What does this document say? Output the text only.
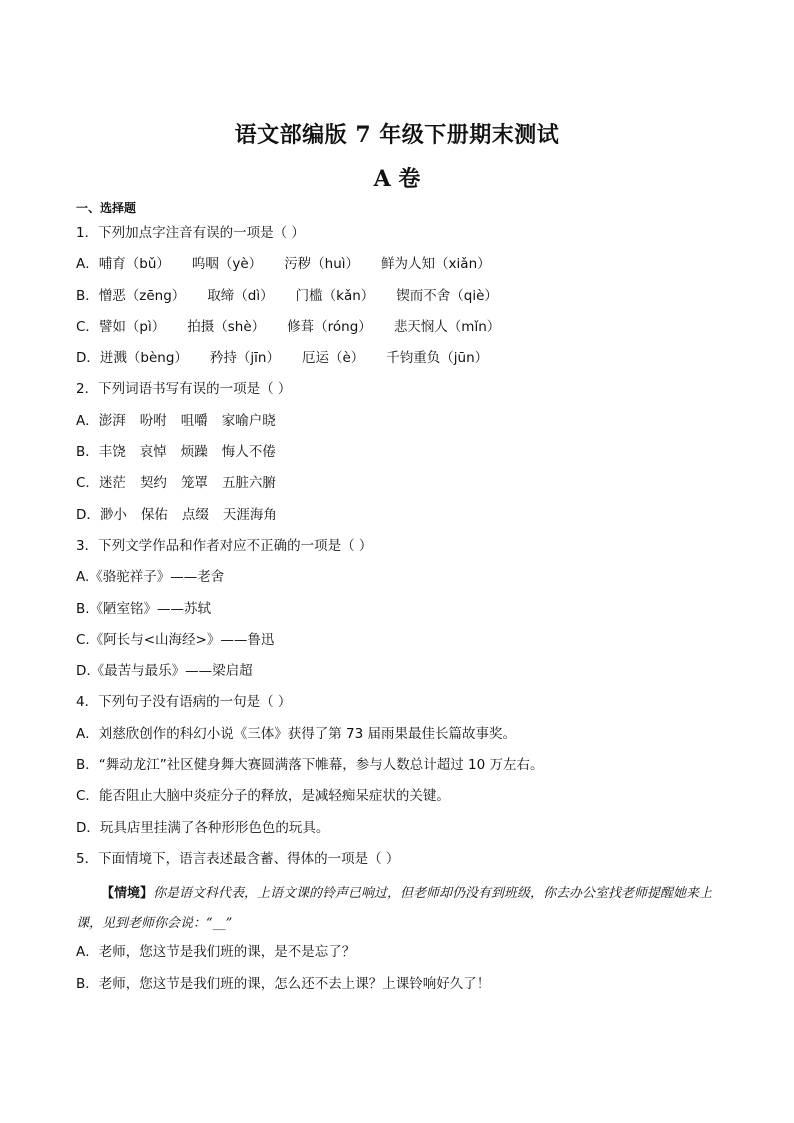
语文部编版 7 年级下册期末测试
A 卷
一、选择题
1．下列加点字注音有误的一项是（ ）
A．哺育（bǔ） 呜咽（yè） 污秽（huì） 鲜为人知（xiǎn）
B．憎恶（zēng） 取缔（dì） 门槛（kǎn） 锲而不舍（qiè）
C．譬如（pì） 拍摄（shè） 修葺（róng） 悲天悯人（mǐn）
D．迸溅（bèng） 矜持（jīn） 厄运（è） 千钧重负（jūn）
2．下列词语书写有误的一项是（ ）
A．澎湃 吩咐 咀嚼 家喻户晓
B．丰饶 哀悼 烦躁 悔人不倦
C．迷茫 契约 笼罩 五脏六腑
D．渺小 保佑 点缀 天涯海角
3．下列文学作品和作者对应不正确的一项是（ ）
A.《骆驼祥子》——老舍
B.《陋室铭》——苏轼
C.《阿长与<山海经>》——鲁迅
D.《最苦与最乐》——梁启超
4．下列句子没有语病的一句是（ ）
A．刘慈欣创作的科幻小说《三体》获得了第 73 届雨果最佳长篇故事奖。
B．“舞动龙江”社区健身舞大赛圆满落下帷幕，参与人数总计超过 10 万左右。
C．能否阻止大脑中炎症分子的释放，是减轻痴呆症状的关键。
D．玩具店里挂满了各种形形色色的玩具。
5．下面情境下，语言表述最含蓄、得体的一项是（ ）
【情境】你是语文科代表，上语文课的铃声已响过，但老师却仍没有到班级，你去办公室找老师提醒她来上课，见到老师你会说：“__”
A．老师，您这节是我们班的课，是不是忘了？
B．老师，您这节是我们班的课，怎么还不去上课？上课铃响好久了！
